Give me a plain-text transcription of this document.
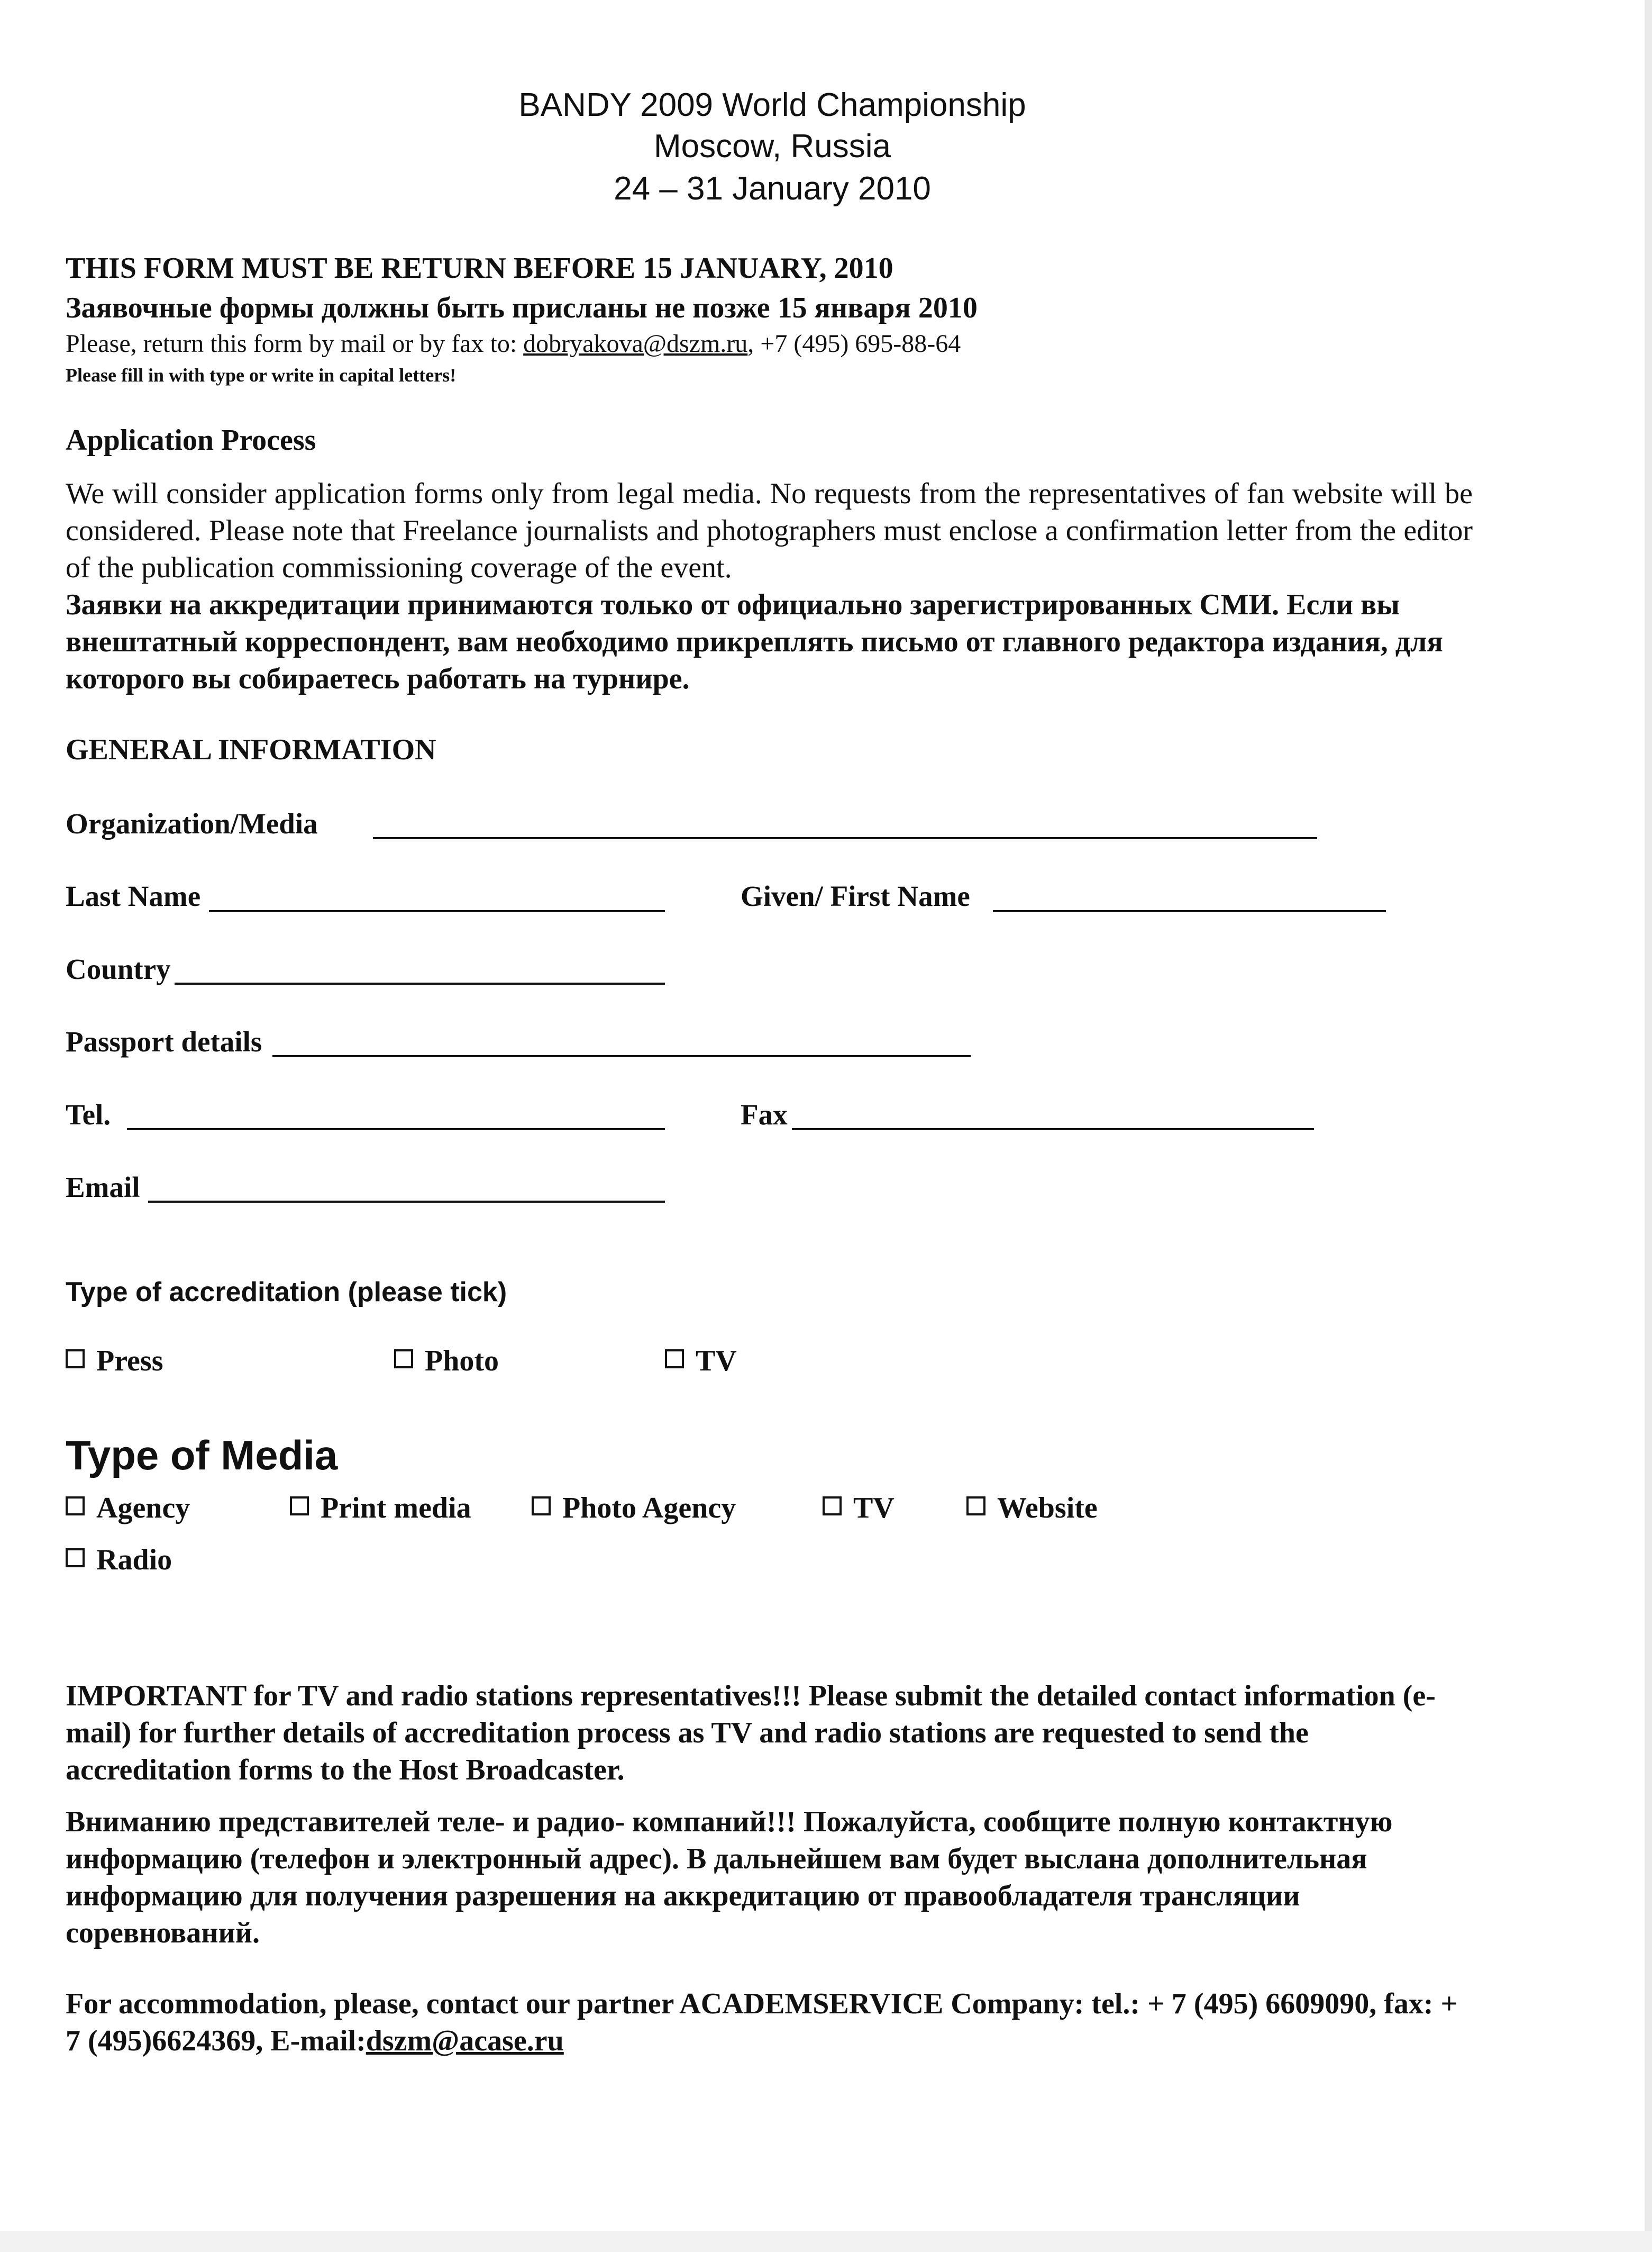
BANDY 2009 World Championship
Moscow, Russia
24 – 31 January 2010
THIS FORM MUST BE RETURN BEFORE 15 JANUARY, 2010
Заявочные формы должны быть присланы не позже 15 января 2010
Please, return this form by mail or by fax to: dobryakova@dszm.ru, +7 (495) 695-88-64
Please fill in with type or write in capital letters!
Application Process
We will consider application forms only from legal media. No requests from the representatives of fan website will be considered. Please note that Freelance journalists and photographers must enclose a confirmation letter from the editor of the publication commissioning coverage of the event.
Заявки на аккредитации принимаются только от официально зарегистрированных СМИ. Если вы внештатный корреспондент, вам необходимо прикреплять письмо от главного редактора издания, для которого вы собираетесь работать на турнире.
GENERAL INFORMATION
Organization/Media
Last Name	Given/ First Name
Country
Passport details
Tel.	Fax
Email
Type of accreditation (please tick)
Press	Photo	TV
Type of Media
Agency	Print media	Photo Agency	TV	Website
Radio
IMPORTANT for TV and radio stations representatives!!! Please submit the detailed contact information (e-mail) for further details of accreditation process as TV and radio stations are requested to send the accreditation forms to the Host Broadcaster.
Вниманию представителей теле- и радио- компаний!!! Пожалуйста, сообщите полную контактную информацию (телефон и электронный адрес). В дальнейшем вам будет выслана дополнительная информацию для получения разрешения на аккредитацию от правообладателя трансляции соревнований.
For accommodation, please, contact our partner ACADEMSERVICE Company: tel.: + 7 (495) 6609090, fax: + 7 (495)6624369, E-mail:dszm@acase.ru
